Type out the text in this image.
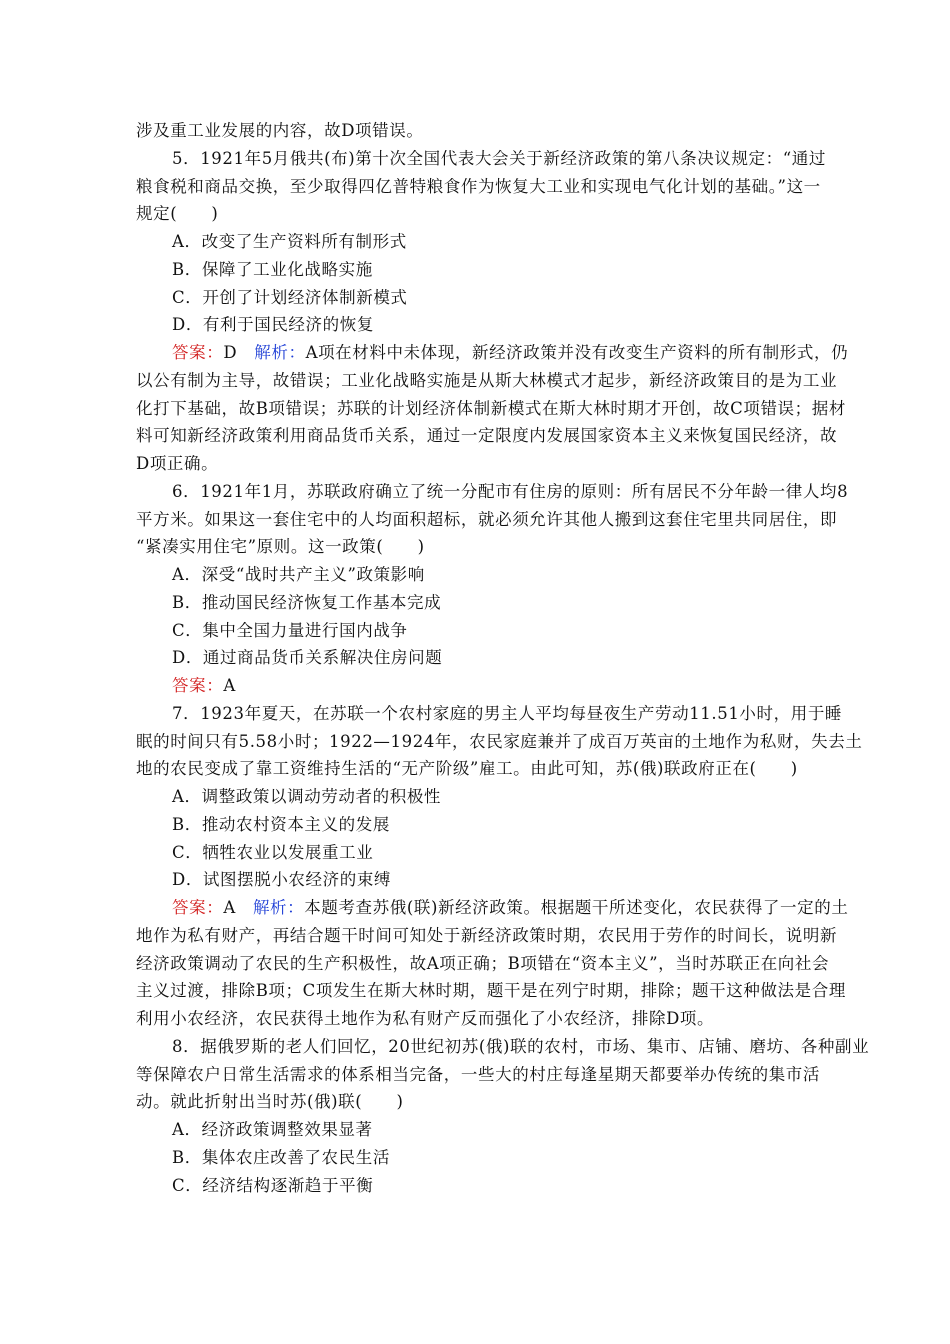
涉及重工业发展的内容，故D项错误。
5．1921年5月俄共(布)第十次全国代表大会关于新经济政策的第八条决议规定：“通过
粮食税和商品交换，至少取得四亿普特粮食作为恢复大工业和实现电气化计划的基础。”这一
规定(　　)
A．改变了生产资料所有制形式
B．保障了工业化战略实施
C．开创了计划经济体制新模式
D．有利于国民经济的恢复
答案：D　解析：A项在材料中未体现，新经济政策并没有改变生产资料的所有制形式，仍
以公有制为主导，故错误；工业化战略实施是从斯大林模式才起步，新经济政策目的是为工业
化打下基础，故B项错误；苏联的计划经济体制新模式在斯大林时期才开创，故C项错误；据材
料可知新经济政策利用商品货币关系，通过一定限度内发展国家资本主义来恢复国民经济，故
D项正确。
6．1921年1月，苏联政府确立了统一分配市有住房的原则：所有居民不分年龄一律人均8
平方米。如果这一套住宅中的人均面积超标，就必须允许其他人搬到这套住宅里共同居住，即
“紧凑实用住宅”原则。这一政策(　　)
A．深受“战时共产主义”政策影响
B．推动国民经济恢复工作基本完成
C．集中全国力量进行国内战争
D．通过商品货币关系解决住房问题
答案：A
7．1923年夏天，在苏联一个农村家庭的男主人平均每昼夜生产劳动11.51小时，用于睡
眠的时间只有5.58小时；1922—1924年，农民家庭兼并了成百万英亩的土地作为私财，失去土
地的农民变成了靠工资维持生活的“无产阶级”雇工。由此可知，苏(俄)联政府正在(　　)
A．调整政策以调动劳动者的积极性
B．推动农村资本主义的发展
C．牺牲农业以发展重工业
D．试图摆脱小农经济的束缚
答案：A　解析：本题考查苏俄(联)新经济政策。根据题干所述变化，农民获得了一定的土
地作为私有财产，再结合题干时间可知处于新经济政策时期，农民用于劳作的时间长，说明新
经济政策调动了农民的生产积极性，故A项正确；B项错在“资本主义”，当时苏联正在向社会
主义过渡，排除B项；C项发生在斯大林时期，题干是在列宁时期，排除；题干这种做法是合理
利用小农经济，农民获得土地作为私有财产反而强化了小农经济，排除D项。
8．据俄罗斯的老人们回忆，20世纪初苏(俄)联的农村，市场、集市、店铺、磨坊、各种副业
等保障农户日常生活需求的体系相当完备，一些大的村庄每逢星期天都要举办传统的集市活
动。就此折射出当时苏(俄)联(　　)
A．经济政策调整效果显著
B．集体农庄改善了农民生活
C．经济结构逐渐趋于平衡
